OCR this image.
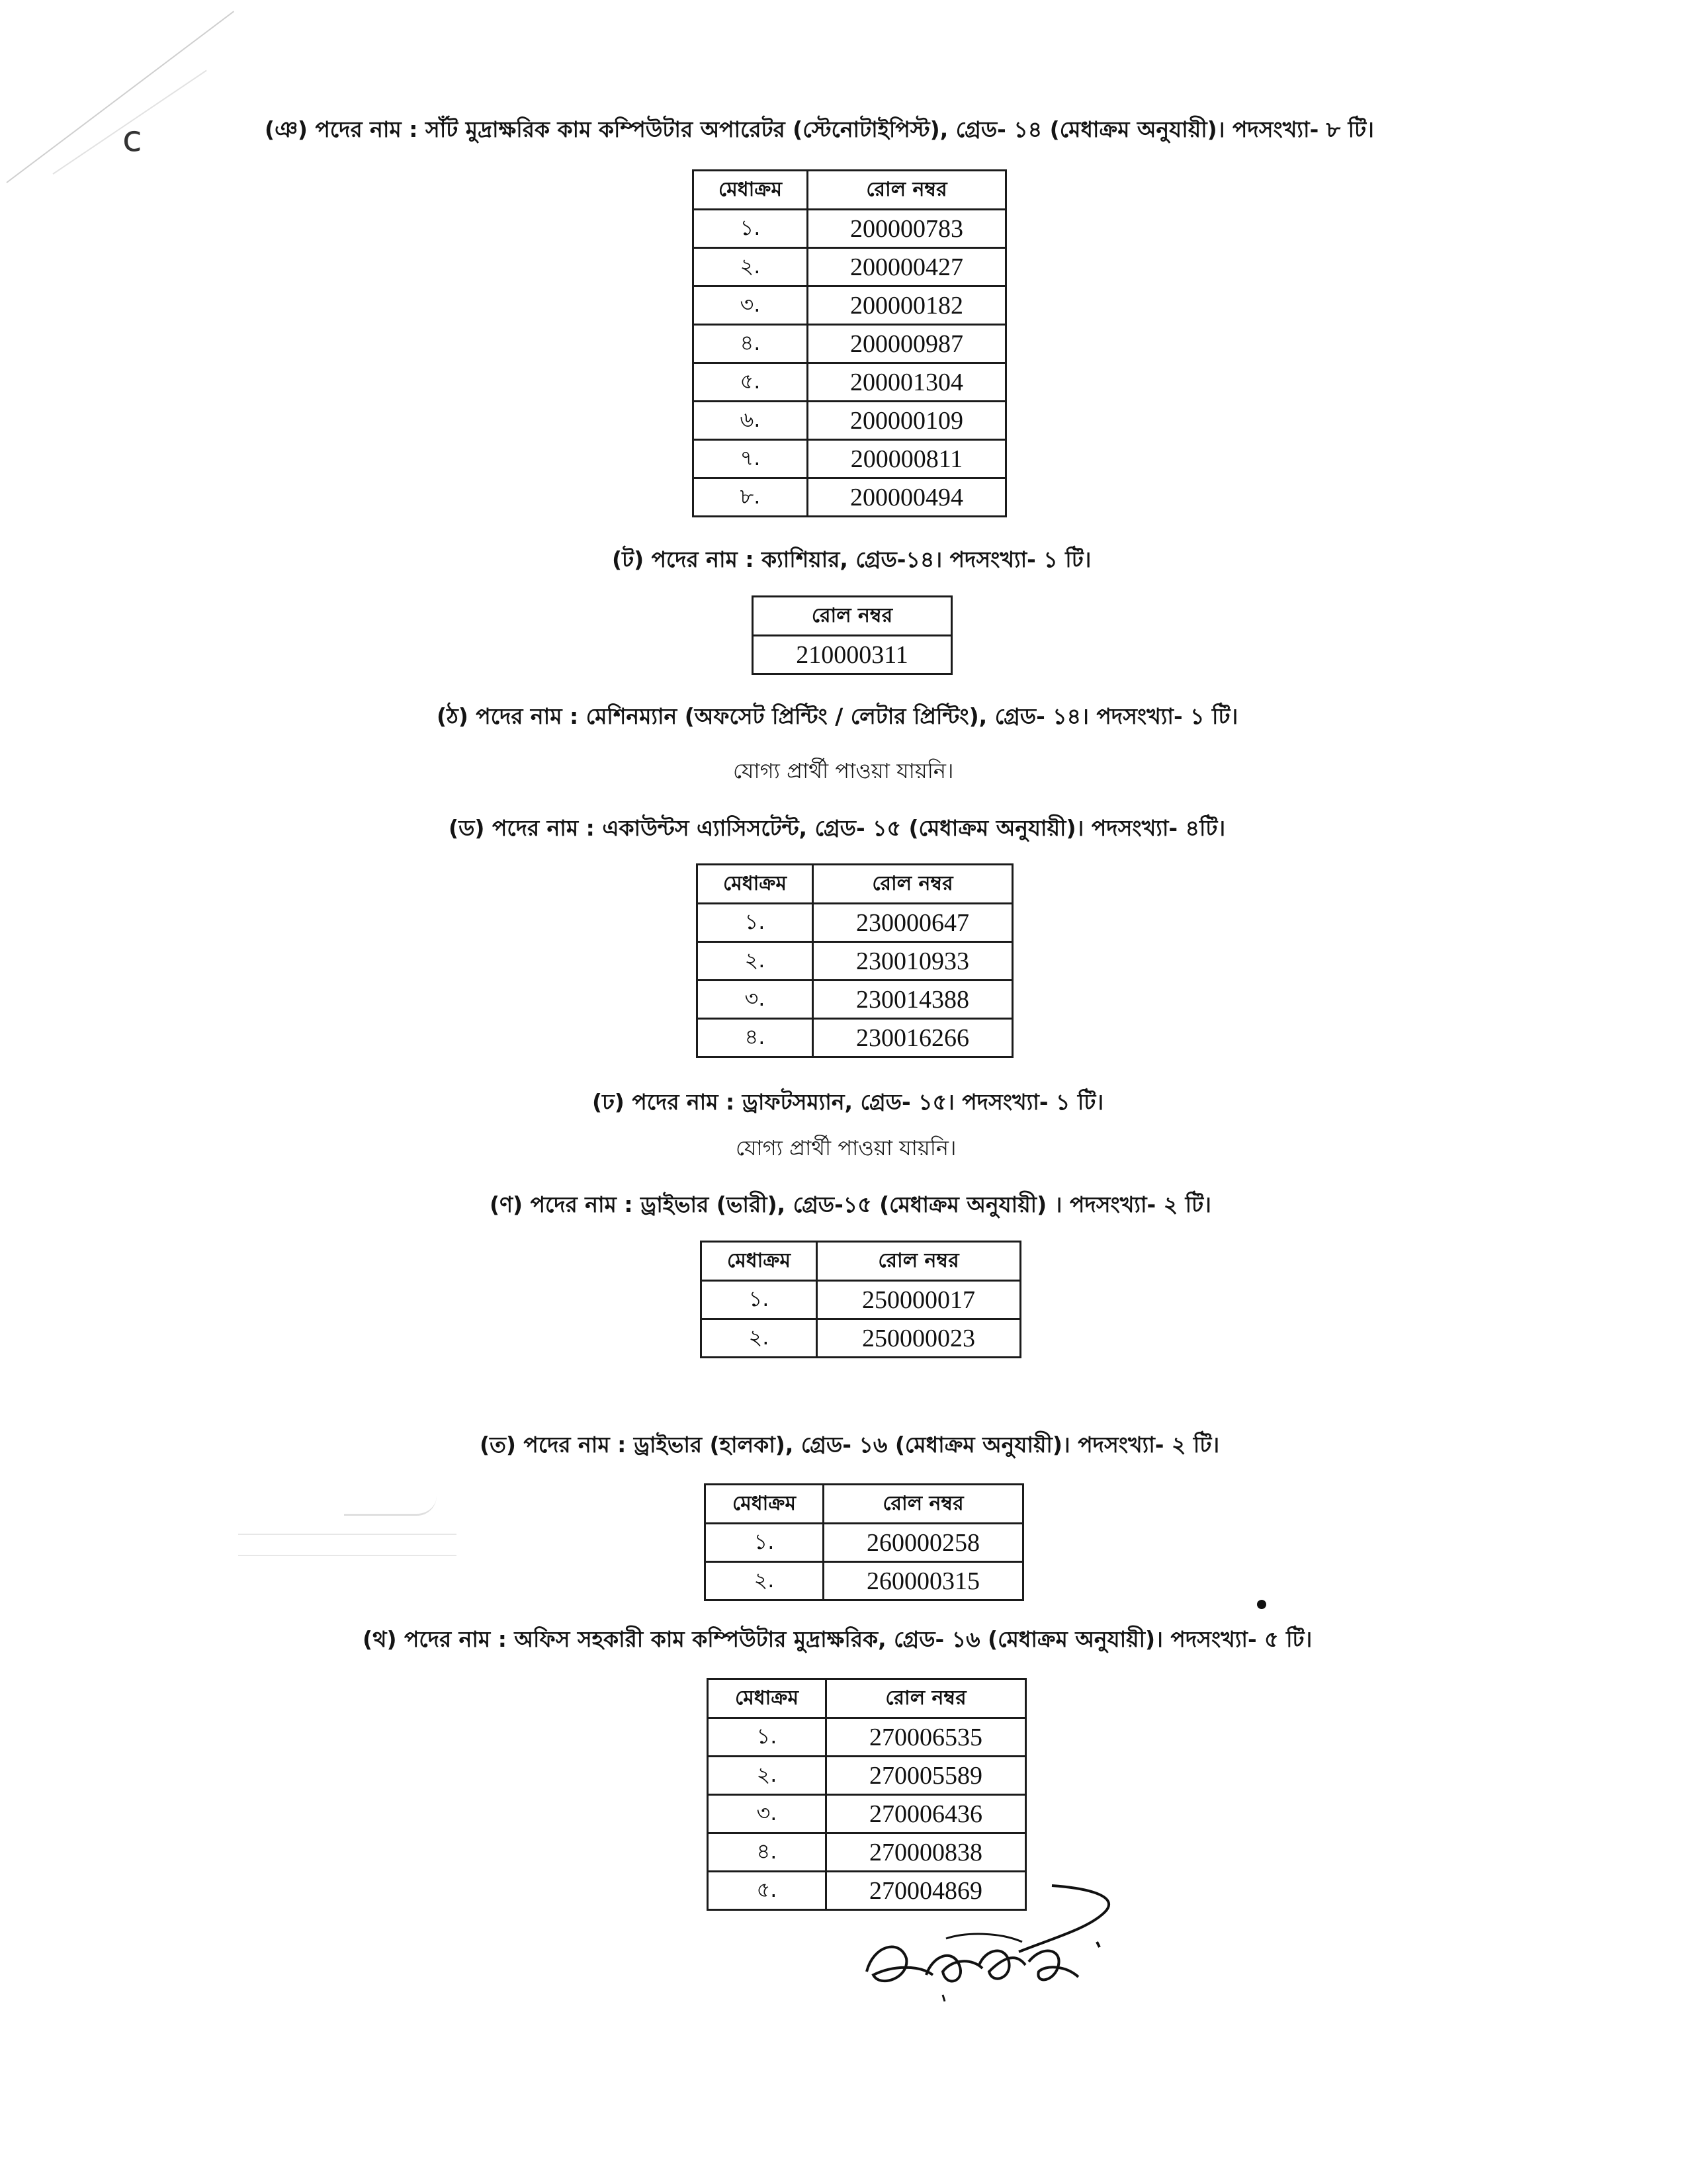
c	(ঞ) পদের নাম : সাঁট মুদ্রাক্ষরিক কাম কম্পিউটার অপারেটর (স্টেনোটাইপিস্ট), গ্রেড- ১৪ (মেধাক্রম অনুযায়ী)। পদসংখ্যা- ৮ টি।
মেধাক্রম	রোল নম্বর
১.	200000783
২.	200000427
৩.	200000182
৪.	200000987
৫.	200001304
৬.	200000109
৭.	200000811
৮.	200000494
(ট) পদের নাম : ক্যাশিয়ার, গ্রেড-১৪। পদসংখ্যা- ১ টি।
রোল নম্বর
210000311
(ঠ) পদের নাম : মেশিনম্যান (অফসেট প্রিন্টিং / লেটার প্রিন্টিং), গ্রেড- ১৪। পদসংখ্যা- ১ টি।
যোগ্য প্রার্থী পাওয়া যায়নি।
(ড) পদের নাম : একাউন্টস এ্যাসিসটেন্ট, গ্রেড- ১৫ (মেধাক্রম অনুযায়ী)। পদসংখ্যা- ৪টি।
মেধাক্রম	রোল নম্বর
১.	230000647
২.	230010933
৩.	230014388
৪.	230016266
(ঢ) পদের নাম : ড্রাফটসম্যান, গ্রেড- ১৫। পদসংখ্যা- ১ টি।
যোগ্য প্রার্থী পাওয়া যায়নি।
(ণ) পদের নাম : ড্রাইভার (ভারী), গ্রেড-১৫ (মেধাক্রম অনুযায়ী) । পদসংখ্যা- ২ টি।
মেধাক্রম	রোল নম্বর
১.	250000017
২.	250000023
(ত) পদের নাম : ড্রাইভার (হালকা), গ্রেড- ১৬ (মেধাক্রম অনুযায়ী)। পদসংখ্যা- ২ টি।
মেধাক্রম	রোল নম্বর
১.	260000258
২.	260000315
(থ) পদের নাম : অফিস সহকারী কাম কম্পিউটার মুদ্রাক্ষরিক, গ্রেড- ১৬ (মেধাক্রম অনুযায়ী)। পদসংখ্যা- ৫ টি।
মেধাক্রম	রোল নম্বর
১.	270006535
২.	270005589
৩.	270006436
৪.	270000838
৫.	270004869
